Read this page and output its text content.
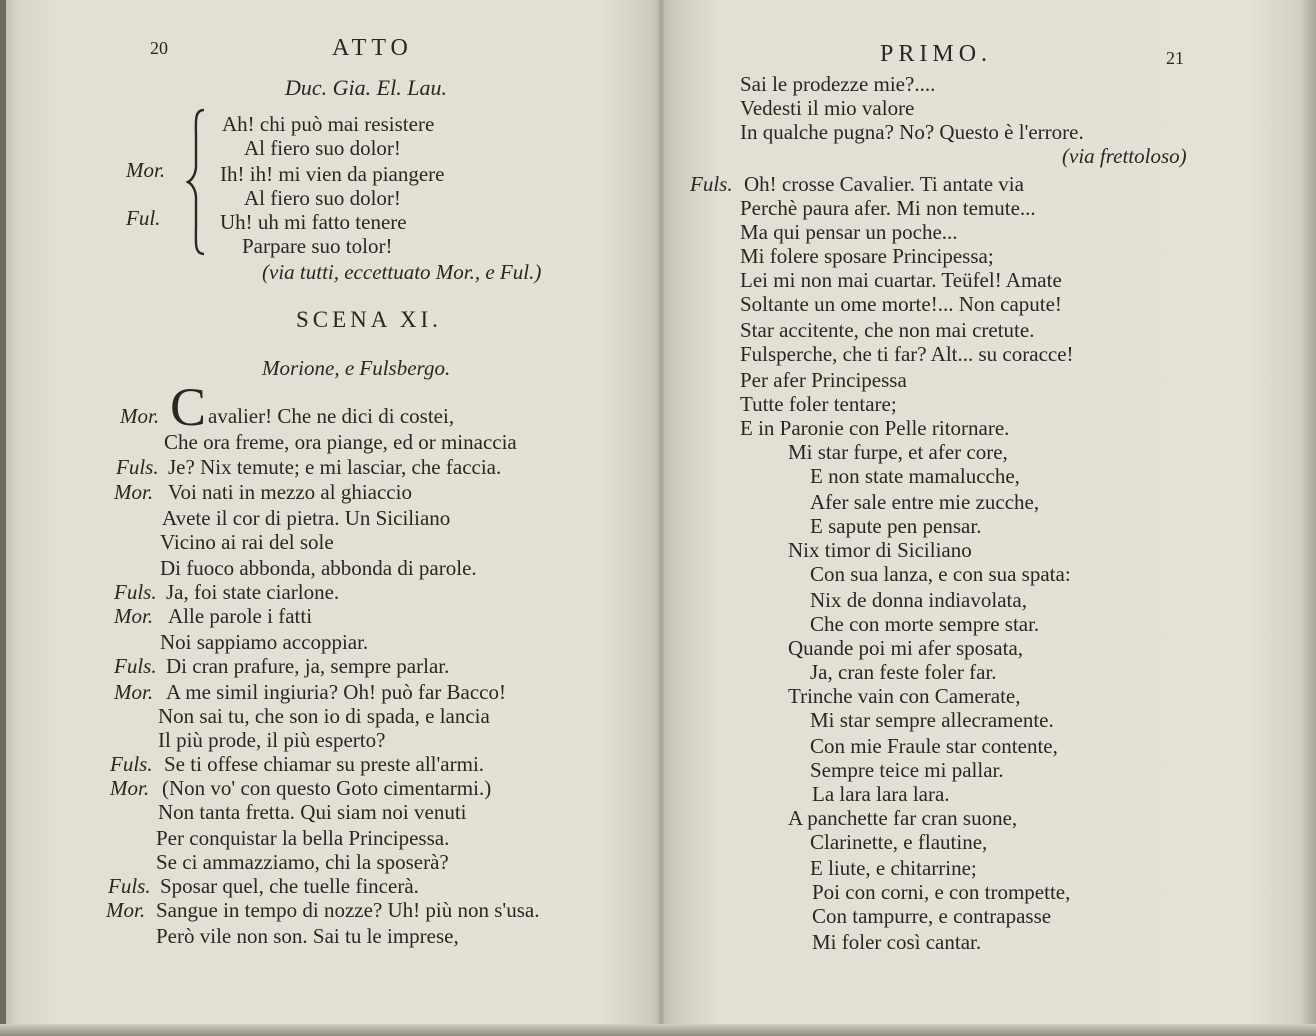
20	ATTO
Duc. Gia. El. Lau.
Ah! chi può mai resistere
Al fiero suo dolor!
Mor.	Ih! ih! mi vien da piangere
Al fiero suo dolor!
Ful.	Uh! uh mi fatto tenere
Parpare suo tolor!
(via tutti, eccettuato Mor., e Ful.)
SCENA XI.
Morione, e Fulsbergo.
C
Mor. avalier! Che ne dici di costei,
Che ora freme, ora piange, ed or minaccia
Fuls. Je? Nix temute; e mi lasciar, che faccia.
Mor. Voi nati in mezzo al ghiaccio
Avete il cor di pietra. Un Siciliano
Vicino ai rai del sole
Di fuoco abbonda, abbonda di parole.
Fuls. Ja, foi state ciarlone.
Mor. Alle parole i fatti
Noi sappiamo accoppiar.
Fuls. Di cran prafure, ja, sempre parlar.
Mor. A me simil ingiuria? Oh! può far Bacco!
Non sai tu, che son io di spada, e lancia
Il più prode, il più esperto?
Fuls. Se ti offese chiamar su preste all'armi.
Mor. (Non vo' con questo Goto cimentarmi.)
Non tanta fretta. Qui siam noi venuti
Per conquistar la bella Principessa.
Se ci ammazziamo, chi la sposerà?
Fuls. Sposar quel, che tuelle fincerà.
Mor. Sangue in tempo di nozze? Uh! più non s'usa.
Però vile non son. Sai tu le imprese,
PRIMO.	21
Sai le prodezze mie?....
Vedesti il mio valore
In qualche pugna? No? Questo è l'errore.
(via frettoloso)
Fuls. Oh! crosse Cavalier. Ti antate via
Perchè paura afer. Mi non temute...
Ma qui pensar un poche...
Mi folere sposare Principessa;
Lei mi non mai cuartar. Teüfel! Amate
Soltante un ome morte!... Non capute!
Star accitente, che non mai cretute.
Fulsperche, che ti far? Alt... su coracce!
Per afer Principessa
Tutte foler tentare;
E in Paronie con Pelle ritornare.
Mi star furpe, et afer core,
E non state mamalucche,
Afer sale entre mie zucche,
E sapute pen pensar.
Nix timor di Siciliano
Con sua lanza, e con sua spata:
Nix de donna indiavolata,
Che con morte sempre star.
Quande poi mi afer sposata,
Ja, cran feste foler far.
Trinche vain con Camerate,
Mi star sempre allecramente.
Con mie Fraule star contente,
Sempre teice mi pallar.
La lara lara lara.
A panchette far cran suone,
Clarinette, e flautine,
E liute, e chitarrine;
Poi con corni, e con trompette,
Con tampurre, e contrapasse
Mi foler così cantar.
